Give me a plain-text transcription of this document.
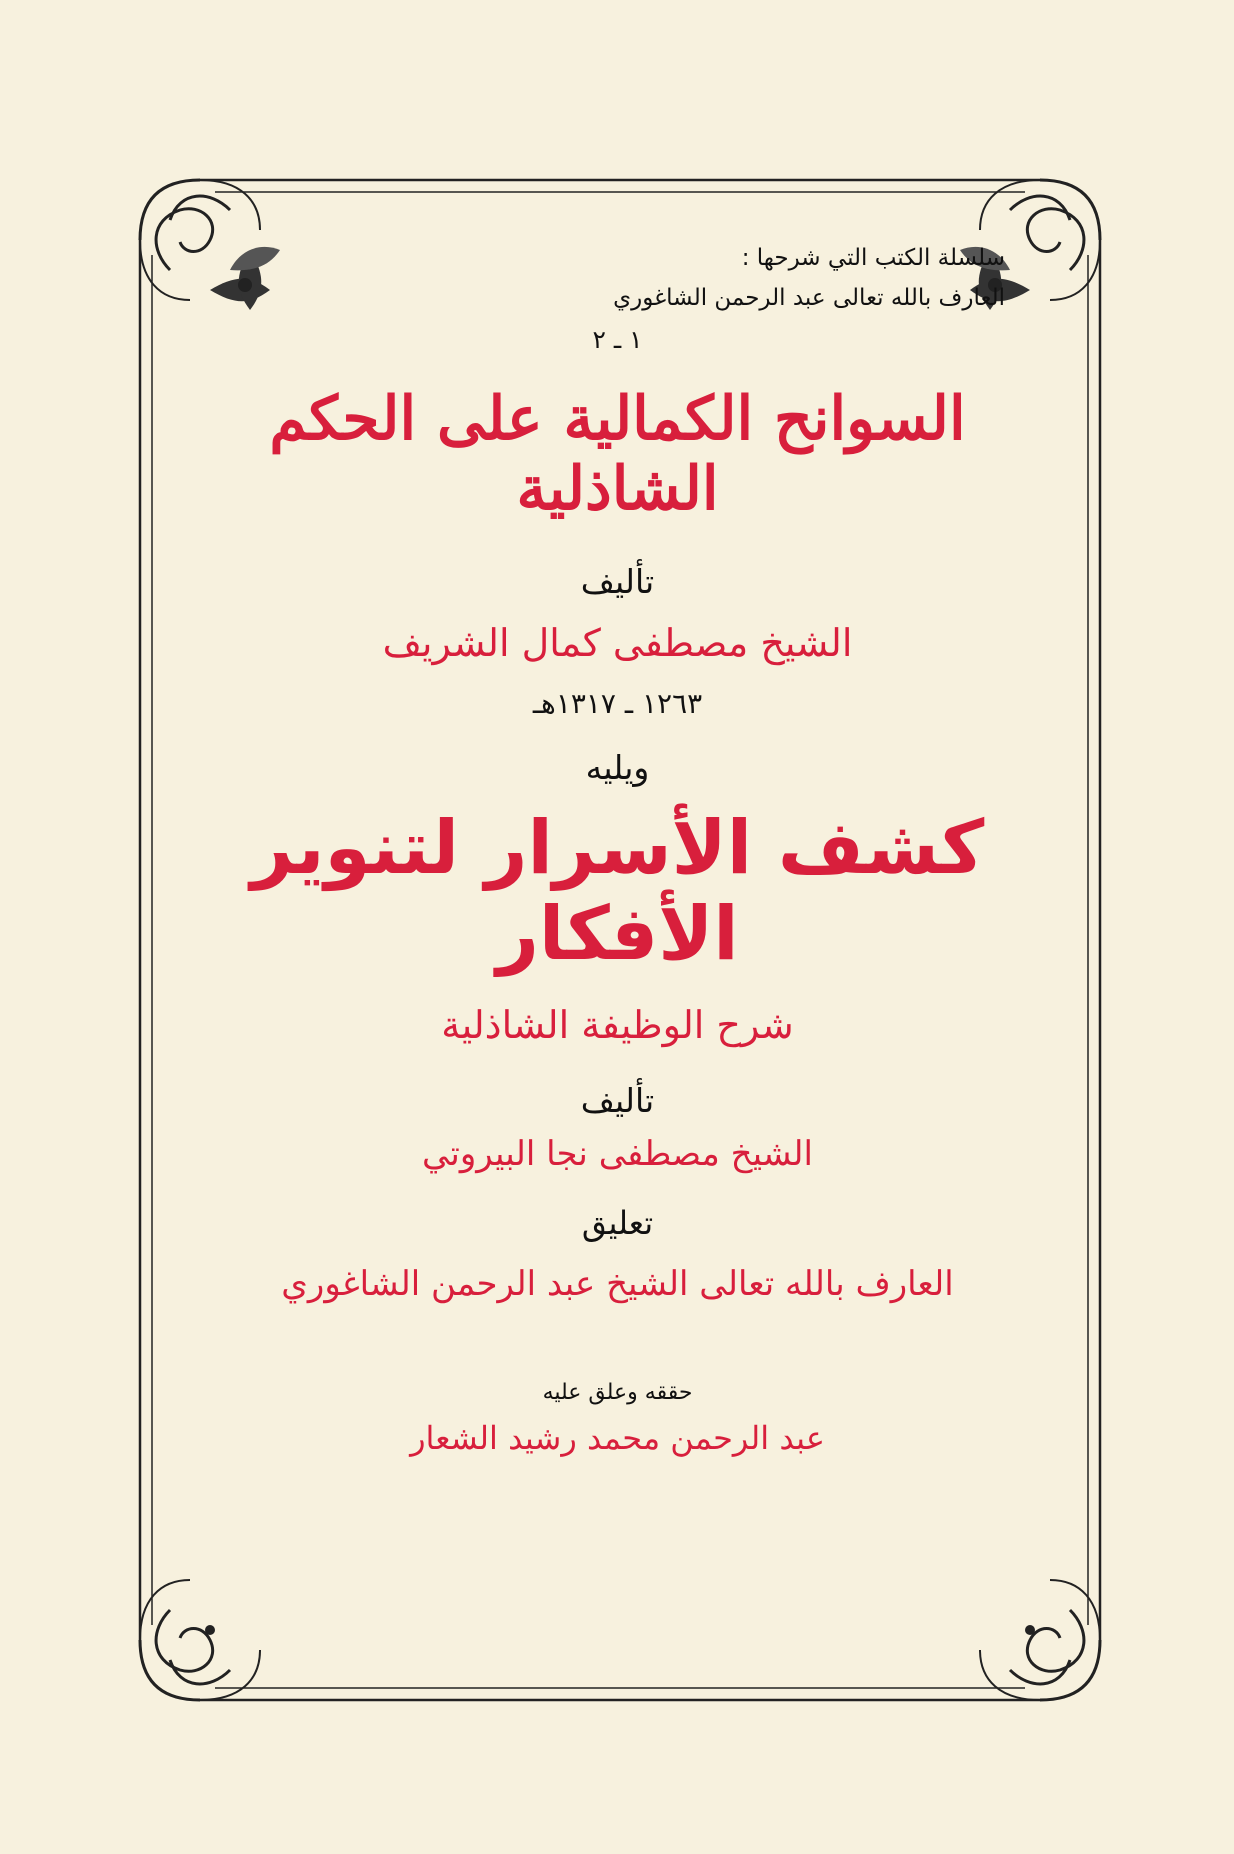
سلسلة الكتب التي شرحها :
العارف بالله تعالى عبد الرحمن الشاغوري
١ ـ ٢
السوانح الكمالية على الحكم الشاذلية
تأليف
الشيخ مصطفى كمال الشريف
١٢٦٣ ـ ١٣١٧هـ
ويليه
كشف الأسرار لتنوير الأفكار
شرح الوظيفة الشاذلية
تأليف
الشيخ مصطفى نجا البيروتي
تعليق
العارف بالله تعالى الشيخ عبد الرحمن الشاغوري
حققه وعلق عليه
عبد الرحمن محمد رشيد الشعار
